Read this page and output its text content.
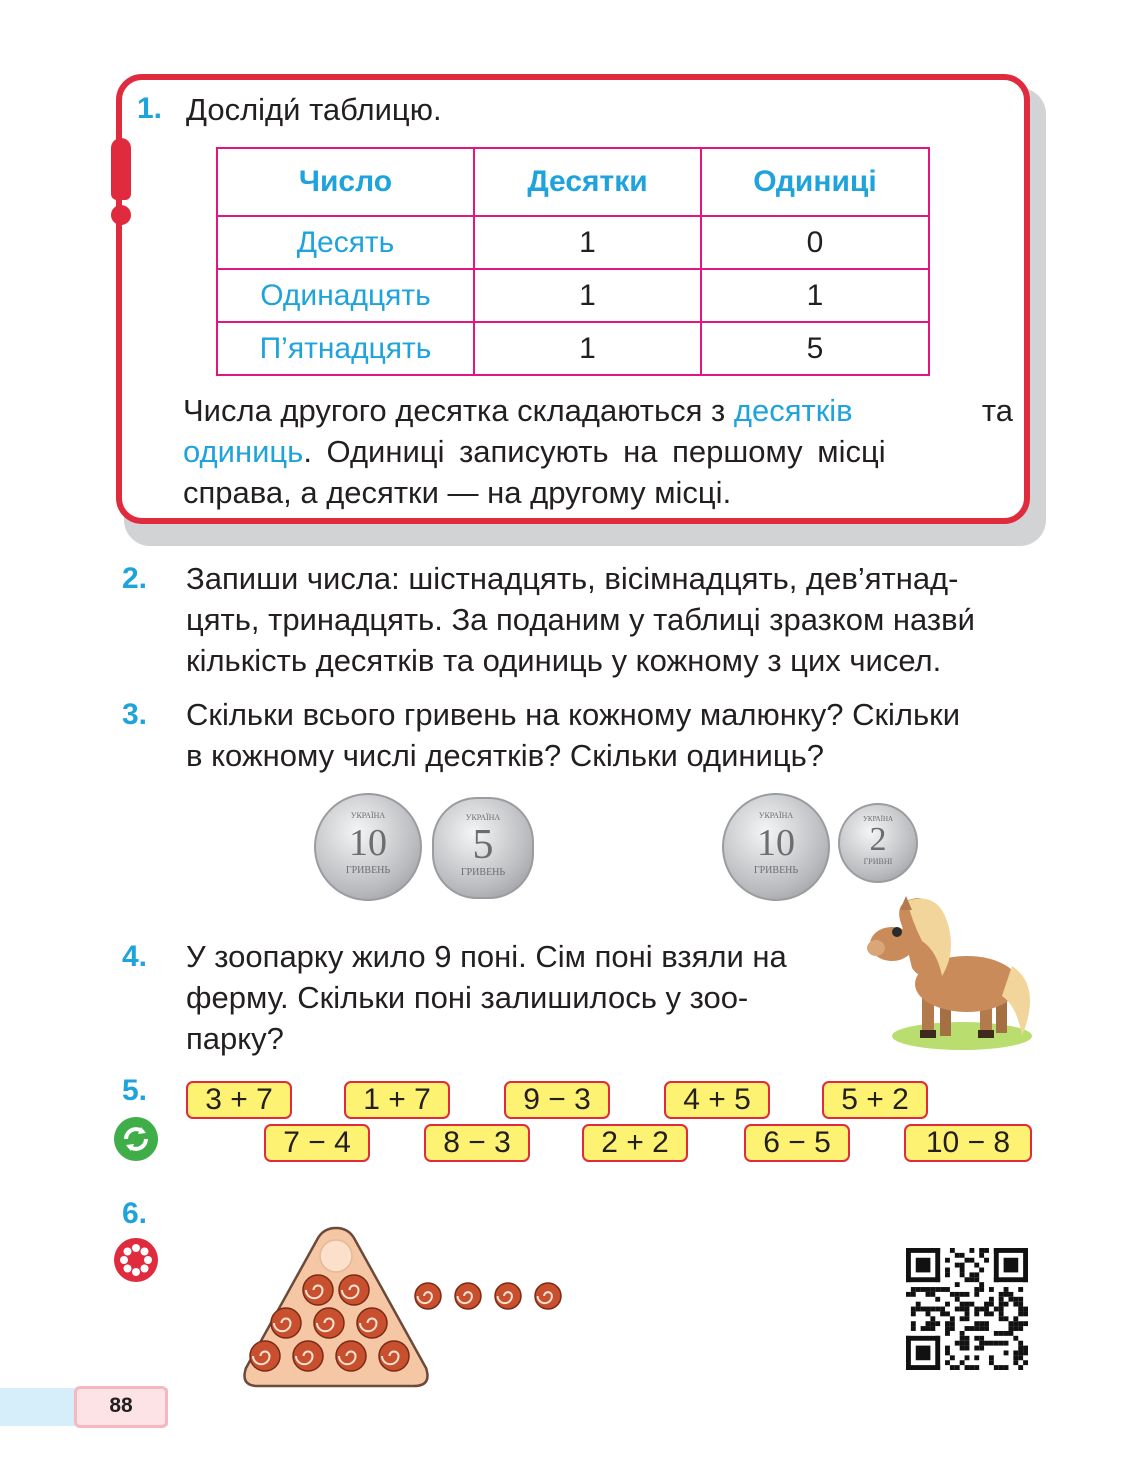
1. Досліди́ таблицю.
Число	Десятки	Одиниці
Десять	1	0
Одинадцять	1	1
П’ятнадцять	1	5
Числа другого десятка складаються з десятків	та
одиниць. Одиниці записують на першому місці
справа, а десятки — на другому місці.
2. Запиши числа: шістнадцять, вісімнадцять, дев’ятнад-
цять, тринадцять. За поданим у таблиці зразком назви́
кількість десятків та одиниць у кожному з цих чисел.
3. Скільки всього гривень на кожному малюнку? Скільки
в кожному числі десятків? Скільки одиниць?
УКРАЇНА
10
ГРИВЕНЬ
УКРАЇНА
5
ГРИВЕНЬ
УКРАЇНА
10
ГРИВЕНЬ
УКРАЇНА
2
ГРИВНІ
4. У зоопарку жило 9 поні. Сім поні взяли на
ферму. Скільки поні залишилось у зоо-
парку?
5.	3 + 7	1 + 7	9 − 3	4 + 5	5 + 2
7 − 4	8 − 3	2 + 2	6 − 5	10 − 8
6.
88
